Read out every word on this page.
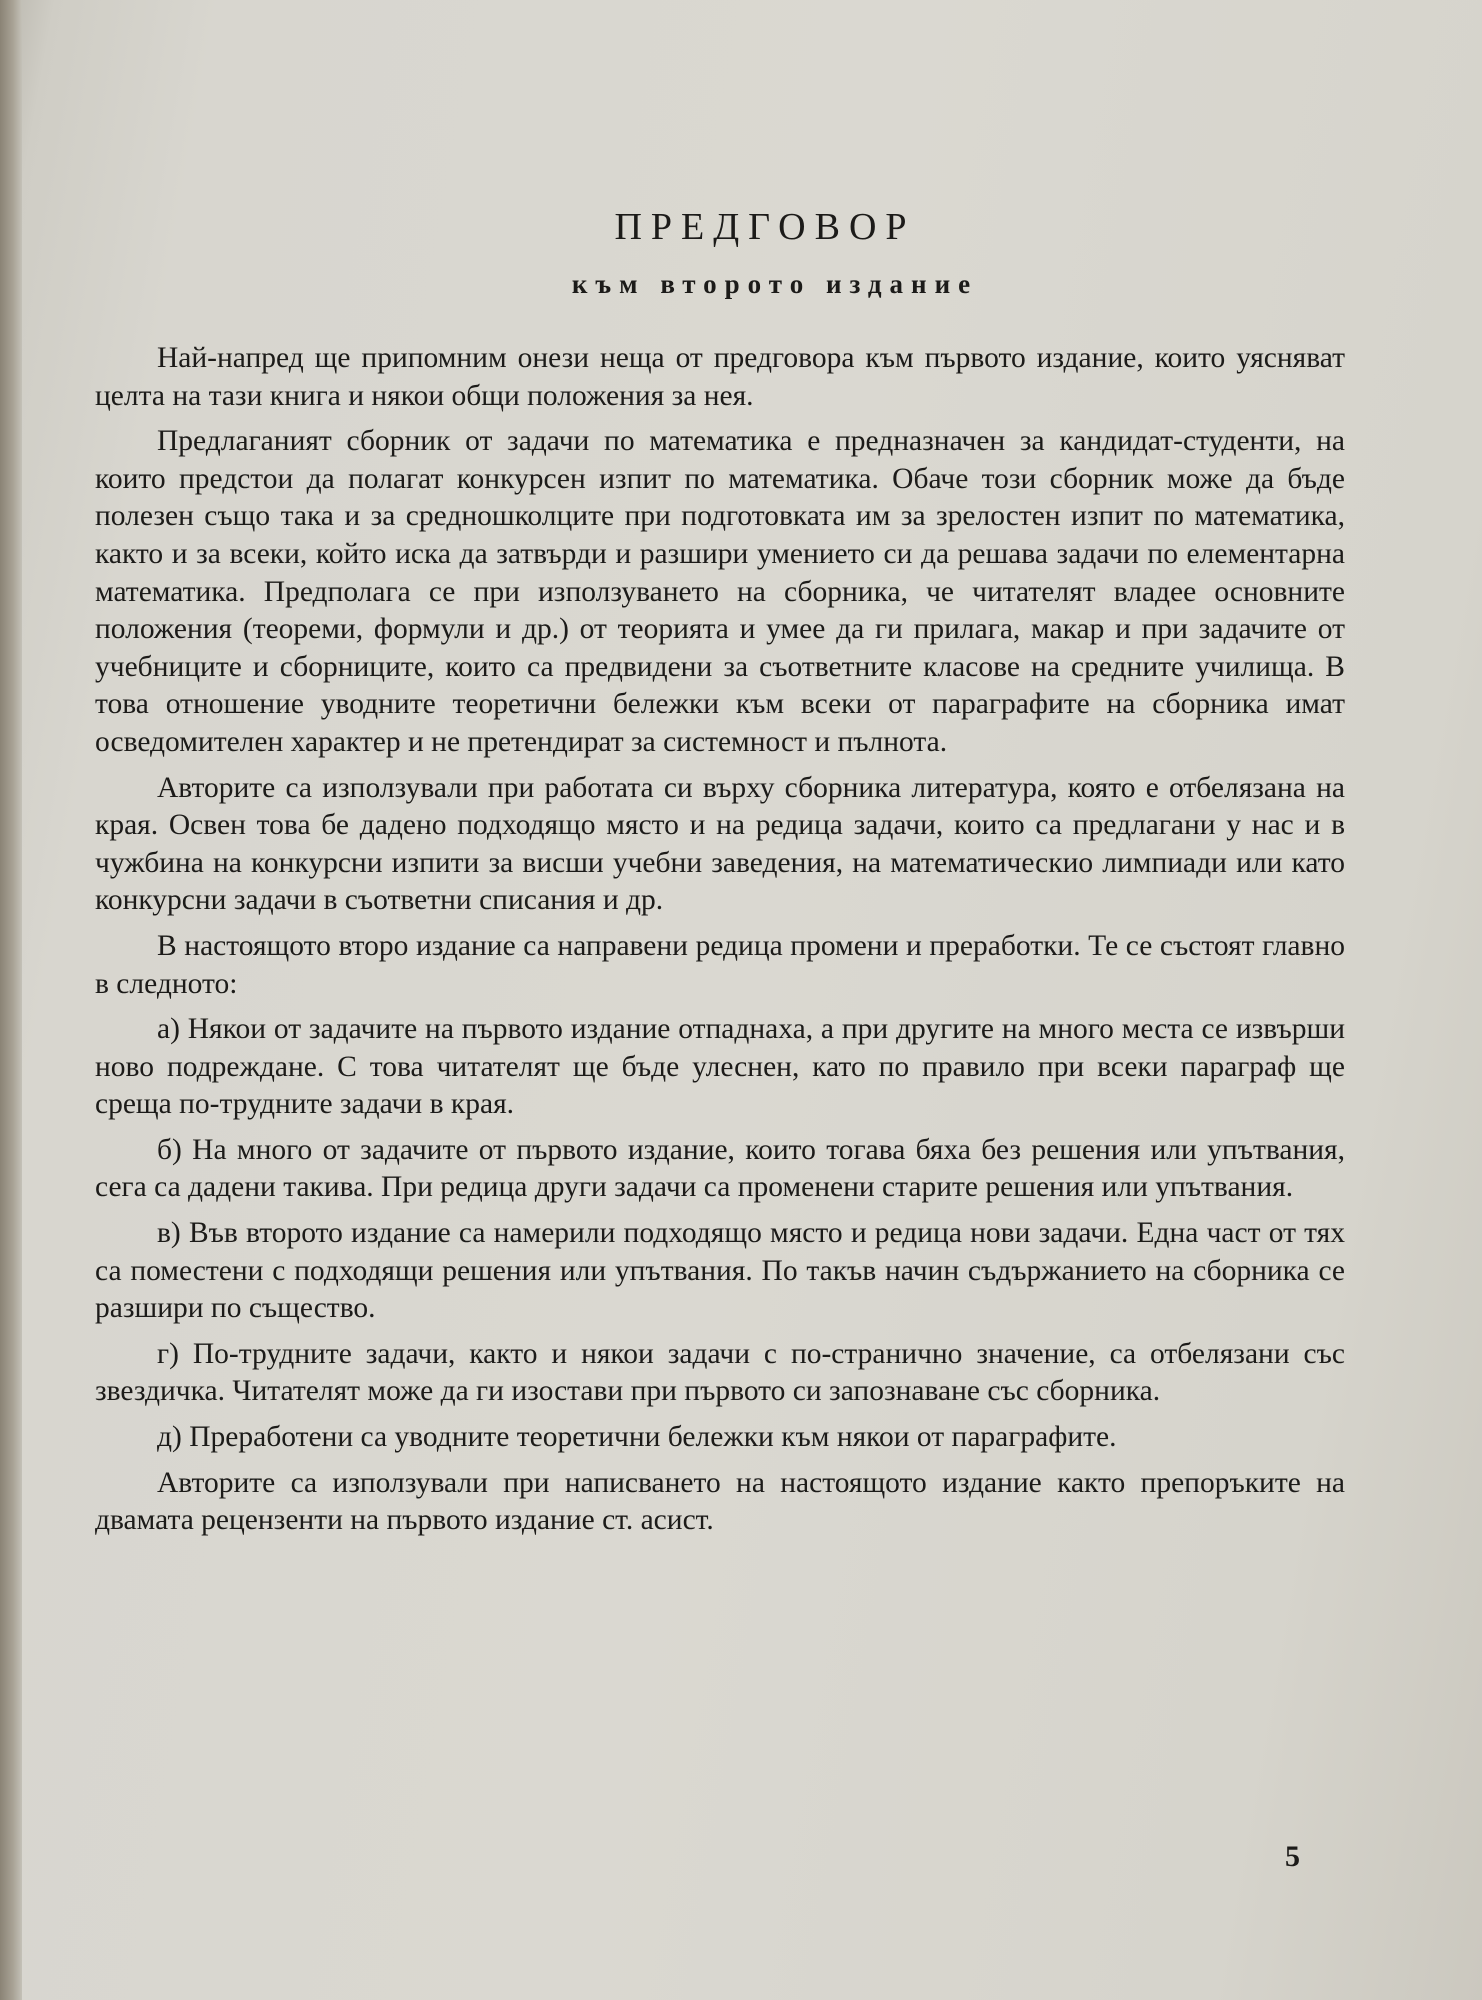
ПРЕДГОВОР
към второто издание

Най-напред ще припомним онези неща от предговора към първото издание, които уясняват целта на тази книга и някои общи положения за нея.

Предлаганият сборник от задачи по математика е предназначен за кандидат-студенти, на които предстои да полагат конкурсен изпит по математика. Обаче този сборник може да бъде полезен също така и за средношколците при подготовката им за зрелостен изпит по математика, както и за всеки, който иска да затвърди и разшири умението си да решава задачи по елементарна математика. Предполага се при използуването на сборника, че читателят владее основните положения (теореми, формули и др.) от теорията и умее да ги прилага, макар и при задачите от учебниците и сборниците, които са предвидени за съответните класове на средните училища. В това отношение уводните теоретични бележки към всеки от параграфите на сборника имат осведомителен характер и не претендират за системност и пълнота.

Авторите са използували при работата си върху сборника литература, която е отбелязана на края. Освен това бе дадено подходящо място и на редица задачи, които са предлагани у нас и в чужбина на конкурсни изпити за висши учебни заведения, на математическио лимпиади или като конкурсни задачи в съответни списания и др.

В настоящото второ издание са направени редица промени и преработки. Те се състоят главно в следното:

а) Някои от задачите на първото издание отпаднаха, а при другите на много места се извърши ново подреждане. С това читателят ще бъде улеснен, като по правило при всеки параграф ще среща по-трудните задачи в края.

б) На много от задачите от първото издание, които тогава бяха без решения или упътвания, сега са дадени такива. При редица други задачи са променени старите решения или упътвания.

в) Във второто издание са намерили подходящо място и редица нови задачи. Една част от тях са поместени с подходящи решения или упътвания. По такъв начин съдържанието на сборника се разшири по същество.

г) По-трудните задачи, както и някои задачи с по-странично значение, са отбелязани със звездичка. Читателят може да ги изостави при първото си запознаване със сборника.

д) Преработени са уводните теоретични бележки към някои от параграфите.

Авторите са използували при написването на настоящото издание както препоръките на двамата рецензенти на първото издание ст. асист.

5
